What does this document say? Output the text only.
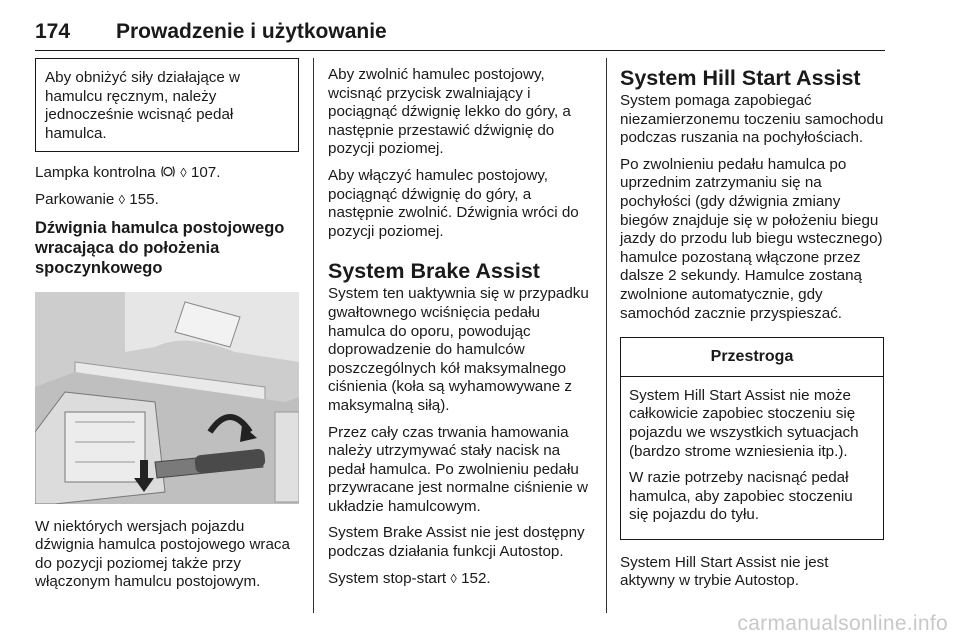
174 Prowadzenie i użytkowanie
Aby obniżyć siły działające w hamulcu ręcznym, należy jednocześnie wcisnąć pedał hamulca.

Lampka kontrolna ◊ 107.

Parkowanie ◊ 155.

Dźwignia hamulca postojowego wracająca do położenia spoczynkowego

W niektórych wersjach pojazdu dźwignia hamulca postojowego wraca do pozycji poziomej także przy włączonym hamulcu postojowym.

Aby zwolnić hamulec postojowy, wcisnąć przycisk zwalniający i pociągnąć dźwignię lekko do góry, a następnie przestawić dźwignię do pozycji poziomej.

Aby włączyć hamulec postojowy, pociągnąć dźwignię do góry, a następnie zwolnić. Dźwignia wróci do pozycji poziomej.

System Brake Assist

System ten uaktywnia się w przypadku gwałtownego wciśnięcia pedału hamulca do oporu, powodując doprowadzenie do hamulców poszczególnych kół maksymalnego ciśnienia (koła są wyhamowywane z maksymalną siłą).

Przez cały czas trwania hamowania należy utrzymywać stały nacisk na pedał hamulca. Po zwolnieniu pedału przywracane jest normalne ciśnienie w układzie hamulcowym.

System Brake Assist nie jest dostępny podczas działania funkcji Autostop.

System stop-start ◊ 152.

System Hill Start Assist

System pomaga zapobiegać niezamierzonemu toczeniu samochodu podczas ruszania na pochyłościach.

Po zwolnieniu pedału hamulca po uprzednim zatrzymaniu się na pochyłości (gdy dźwignia zmiany biegów znajduje się w położeniu biegu jazdy do przodu lub biegu wstecznego) hamulce pozostaną włączone przez dalsze 2 sekundy. Hamulce zostaną zwolnione automatycznie, gdy samochód zacznie przyspieszać.

Przestroga

System Hill Start Assist nie może całkowicie zapobiec stoczeniu się pojazdu we wszystkich sytuacjach (bardzo strome wzniesienia itp.).

W razie potrzeby nacisnąć pedał hamulca, aby zapobiec stoczeniu się pojazdu do tyłu.

System Hill Start Assist nie jest aktywny w trybie Autostop.

carmanualsonline.info
